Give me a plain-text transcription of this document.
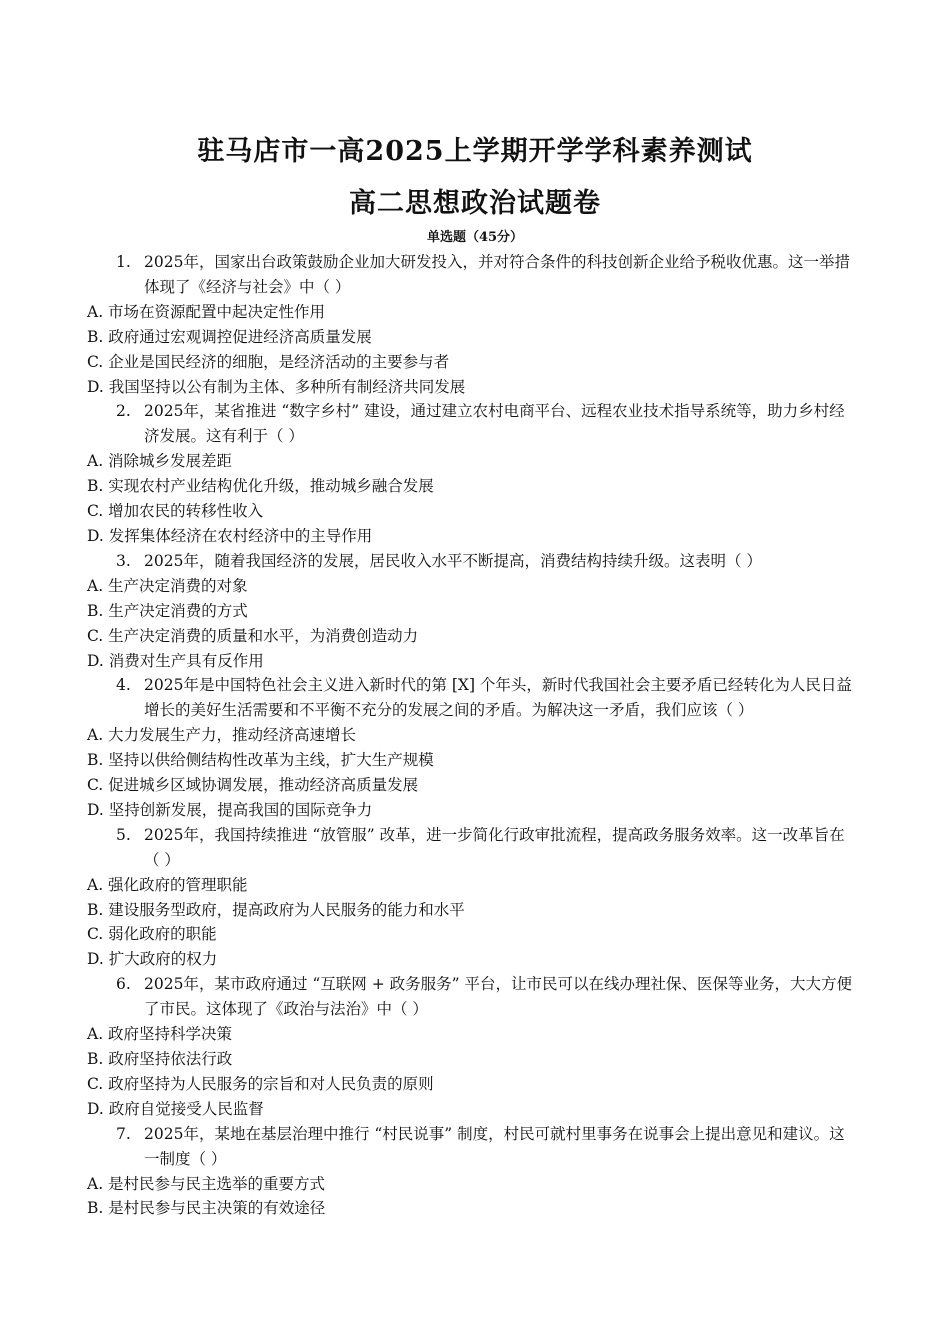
驻马店市一高2025上学期开学学科素养测试
高二思想政治试题卷
单选题（45分）

1. 2025年，国家出台政策鼓励企业加大研发投入，并对符合条件的科技创新企业给予税收优惠。这一举措体现了《经济与社会》中（ ）

A. 市场在资源配置中起决定性作用

B. 政府通过宏观调控促进经济高质量发展

C. 企业是国民经济的细胞，是经济活动的主要参与者

D. 我国坚持以公有制为主体、多种所有制经济共同发展

2. 2025年，某省推进 “数字乡村” 建设，通过建立农村电商平台、远程农业技术指导系统等，助力乡村经济发展。这有利于（ ）

A. 消除城乡发展差距

B. 实现农村产业结构优化升级，推动城乡融合发展

C. 增加农民的转移性收入

D. 发挥集体经济在农村经济中的主导作用

3. 2025年，随着我国经济的发展，居民收入水平不断提高，消费结构持续升级。这表明（ ）

A. 生产决定消费的对象

B. 生产决定消费的方式

C. 生产决定消费的质量和水平，为消费创造动力

D. 消费对生产具有反作用

4. 2025年是中国特色社会主义进入新时代的第 [X] 个年头，新时代我国社会主要矛盾已经转化为人民日益增长的美好生活需要和不平衡不充分的发展之间的矛盾。为解决这一矛盾，我们应该（ ）

A. 大力发展生产力，推动经济高速增长

B. 坚持以供给侧结构性改革为主线，扩大生产规模

C. 促进城乡区域协调发展，推动经济高质量发展

D. 坚持创新发展，提高我国的国际竞争力

5. 2025年，我国持续推进 “放管服” 改革，进一步简化行政审批流程，提高政务服务效率。这一改革旨在（ ）

A. 强化政府的管理职能

B. 建设服务型政府，提高政府为人民服务的能力和水平

C. 弱化政府的职能

D. 扩大政府的权力

6. 2025年，某市政府通过 “互联网 + 政务服务” 平台，让市民可以在线办理社保、医保等业务，大大方便了市民。这体现了《政治与法治》中（ ）

A. 政府坚持科学决策

B. 政府坚持依法行政

C. 政府坚持为人民服务的宗旨和对人民负责的原则

D. 政府自觉接受人民监督

7. 2025年，某地在基层治理中推行 “村民说事” 制度，村民可就村里事务在说事会上提出意见和建议。这一制度（ ）

A. 是村民参与民主选举的重要方式

B. 是村民参与民主决策的有效途径
